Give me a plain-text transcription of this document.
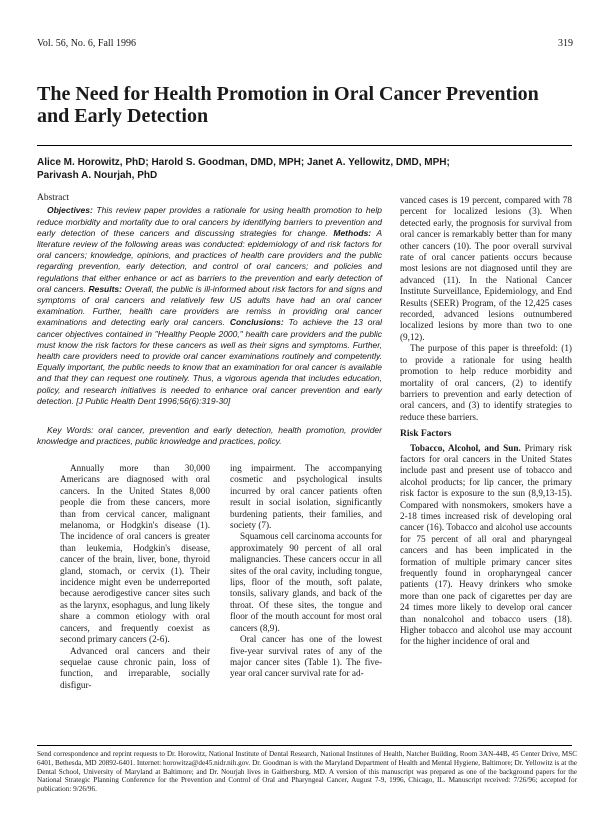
Vol. 56, No. 6, Fall 1996	319
The Need for Health Promotion in Oral Cancer Prevention and Early Detection
Alice M. Horowitz, PhD; Harold S. Goodman, DMD, MPH; Janet A. Yellowitz, DMD, MPH;
Parivash A. Nourjah, PhD
Abstract

Objectives: This review paper provides a rationale for using health promotion to help reduce morbidity and mortality due to oral cancers by identifying barriers to prevention and early detection of these cancers and discussing strategies for change. Methods: A literature review of the following areas was conducted: epidemiology of and risk factors for oral cancers; knowledge, opinions, and practices of health care providers and the public regarding prevention, early detection, and control of oral cancers; and policies and regulations that either enhance or act as barriers to the prevention and early detection of oral cancers. Results: Overall, the public is ill-informed about risk factors for and signs and symptoms of oral cancers and relatively few US adults have had an oral cancer examination. Further, health care providers are remiss in providing oral cancer examinations and detecting early oral cancers. Conclusions: To achieve the 13 oral cancer objectives contained in "Healthy People 2000," health care providers and the public must know the risk factors for these cancers as well as their signs and symptoms. Further, health care providers need to provide oral cancer examinations routinely and competently. Equally important, the public needs to know that an examination for oral cancer is available and that they can request one routinely. Thus, a vigorous agenda that includes education, policy, and research initiatives is needed to enhance oral cancer prevention and early detection. [J Public Health Dent 1996;56(6):319-30]

Key Words: oral cancer, prevention and early detection, health promotion, provider knowledge and practices, public knowledge and practices, policy.

vanced cases is 19 percent, compared with 78 percent for localized lesions (3). When detected early, the prognosis for survival from oral cancer is remarkably better than for many other cancers (10). The poor overall survival rate of oral cancer patients occurs because most lesions are not diagnosed until they are advanced (11). In the National Cancer Institute Surveillance, Epidemiology, and End Results (SEER) Program, of the 12,425 cases recorded, advanced lesions outnumbered localized lesions by more than two to one (9,12).

The purpose of this paper is threefold: (1) to provide a rationale for using health promotion to help reduce morbidity and mortality of oral cancers, (2) to identify barriers to prevention and early detection of oral cancers, and (3) to identify strategies to reduce these barriers.

Risk Factors

Tobacco, Alcohol, and Sun. Primary risk factors for oral cancers in the United States include past and present use of tobacco and alcohol products; for lip cancer, the primary risk factor is exposure to the sun (8,9,13-15). Compared with nonsmokers, smokers have a 2-18 times increased risk of developing oral cancer (16). Tobacco and alcohol use accounts for 75 percent of all oral and pharyngeal cancers and has been implicated in the formation of multiple primary cancer sites frequently found in oropharyngeal cancer patients (17). Heavy drinkers who smoke more than one pack of cigarettes per day are 24 times more likely to develop oral cancer than nonalcohol and tobacco users (18). Higher tobacco and alcohol use may account for the higher incidence of oral and

Annually more than 30,000 Americans are diagnosed with oral cancers. In the United States 8,000 people die from these cancers, more than from cervical cancer, malignant melanoma, or Hodgkin's disease (1). The incidence of oral cancers is greater than leukemia, Hodgkin's disease, cancer of the brain, liver, bone, thyroid gland, stomach, or cervix (1). Their incidence might even be underreported because aerodigestive cancer sites such as the larynx, esophagus, and lung likely share a common etiology with oral cancers, and frequently coexist as second primary cancers (2-6).

Advanced oral cancers and their sequelae cause chronic pain, loss of function, and irreparable, socially disfigur-

ing impairment. The accompanying cosmetic and psychological insults incurred by oral cancer patients often result in social isolation, significantly burdening patients, their families, and society (7).

Squamous cell carcinoma accounts for approximately 90 percent of all oral malignancies. These cancers occur in all sites of the oral cavity, including tongue, lips, floor of the mouth, soft palate, tonsils, salivary glands, and back of the throat. Of these sites, the tongue and floor of the mouth account for most oral cancers (8,9).

Oral cancer has one of the lowest five-year survival rates of any of the major cancer sites (Table 1). The five-year oral cancer survival rate for ad-

Send correspondence and reprint requests to Dr. Horowitz, National Institute of Dental Research, National Institutes of Health, Natcher Building, Room 3AN-44B, 45 Center Drive, MSC 6401, Bethesda, MD 20892-6401. Internet: horowitza@de45.nidr.nih.gov. Dr. Goodman is with the Maryland Department of Health and Mental Hygiene, Baltimore; Dr. Yellowitz is at the Dental School, University of Maryland at Baltimore; and Dr. Nourjah lives in Gaithersburg, MD. A version of this manuscript was prepared as one of the background papers for the National Strategic Planning Conference for the Prevention and Control of Oral and Pharyngeal Cancer, August 7-9, 1996, Chicago, IL. Manuscript received: 7/26/96; accepted for publication: 9/26/96.
